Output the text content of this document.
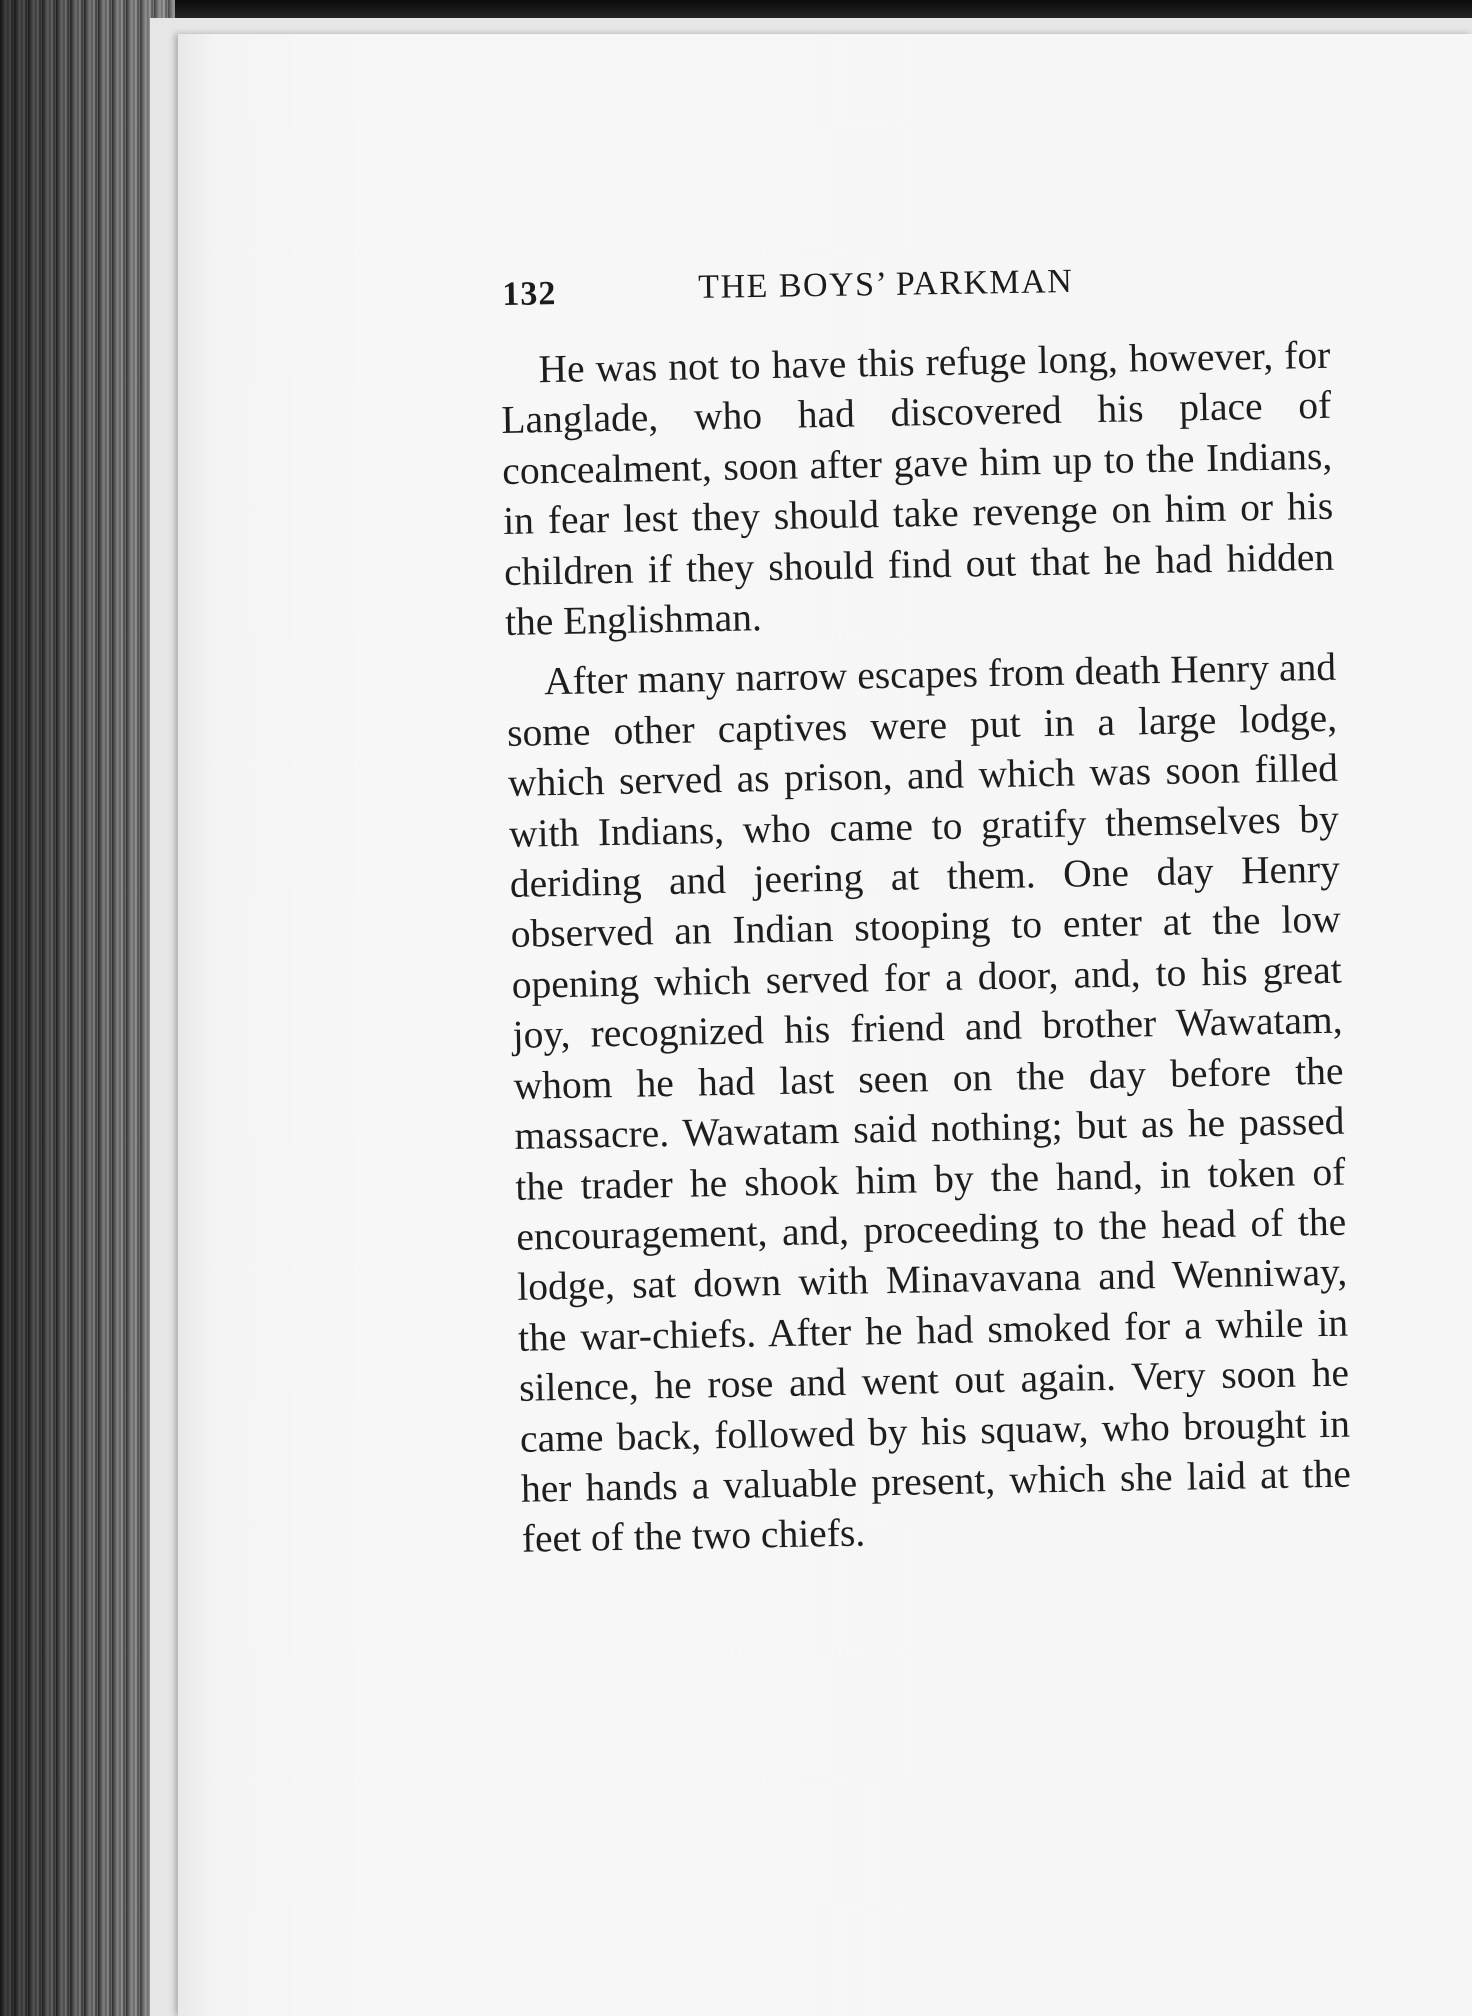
132	THE BOYS’ PARKMAN

He was not to have this refuge long, however, for Langlade, who had discovered his place of concealment, soon after gave him up to the Indians, in fear lest they should take revenge on him or his children if they should find out that he had hidden the Englishman.

After many narrow escapes from death Henry and some other captives were put in a large lodge, which served as prison, and which was soon filled with Indians, who came to gratify themselves by deriding and jeering at them. One day Henry observed an Indian stooping to enter at the low opening which served for a door, and, to his great joy, recognized his friend and brother Wawatam, whom he had last seen on the day before the massacre. Wawatam said nothing; but as he passed the trader he shook him by the hand, in token of encouragement, and, proceeding to the head of the lodge, sat down with Minavavana and Wenniway, the war-chiefs. After he had smoked for a while in silence, he rose and went out again. Very soon he came back, followed by his squaw, who brought in her hands a valuable present, which she laid at the feet of the two chiefs.
